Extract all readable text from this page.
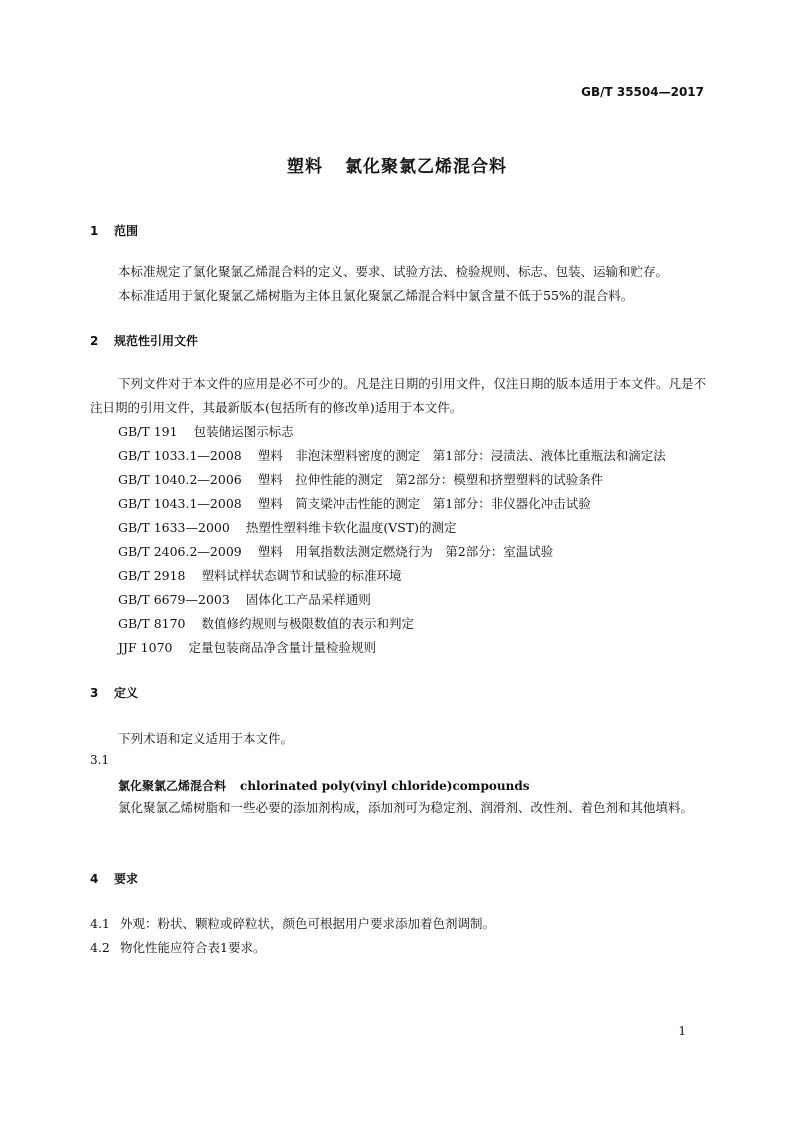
GB/T 35504—2017
塑料 氯化聚氯乙烯混合料
1 范围
本标准规定了氯化聚氯乙烯混合料的定义、要求、试验方法、检验规则、标志、包装、运输和贮存。
本标准适用于氯化聚氯乙烯树脂为主体且氯化聚氯乙烯混合料中氯含量不低于55%的混合料。
2 规范性引用文件

下列文件对于本文件的应用是必不可少的。凡是注日期的引用文件，仅注日期的版本适用于本文件。凡是不注日期的引用文件，其最新版本(包括所有的修改单)适用于本文件。

GB/T 191 包装储运图示标志
GB/T 1033.1—2008 塑料　非泡沫塑料密度的测定　第1部分：浸渍法、液体比重瓶法和滴定法
GB/T 1040.2—2006 塑料　拉伸性能的测定　第2部分：模塑和挤塑塑料的试验条件
GB/T 1043.1—2008 塑料　简支梁冲击性能的测定　第1部分：非仪器化冲击试验
GB/T 1633—2000 热塑性塑料维卡软化温度(VST)的测定
GB/T 2406.2—2009 塑料　用氧指数法测定燃烧行为　第2部分：室温试验
GB/T 2918 塑料试样状态调节和试验的标准环境
GB/T 6679—2003 固体化工产品采样通则
GB/T 8170 数值修约规则与极限数值的表示和判定
JJF 1070 定量包装商品净含量计量检验规则
3 定义
下列术语和定义适用于本文件。
3.1
氯化聚氯乙烯混合料 chlorinated poly(vinyl chloride)compounds

氯化聚氯乙烯树脂和一些必要的添加剂构成，添加剂可为稳定剂、润滑剂、改性剂、着色剂和其他填料。

4 要求
4.1 外观：粉状、颗粒或碎粒状，颜色可根据用户要求添加着色剂调制。
4.2 物化性能应符合表1要求。
1
